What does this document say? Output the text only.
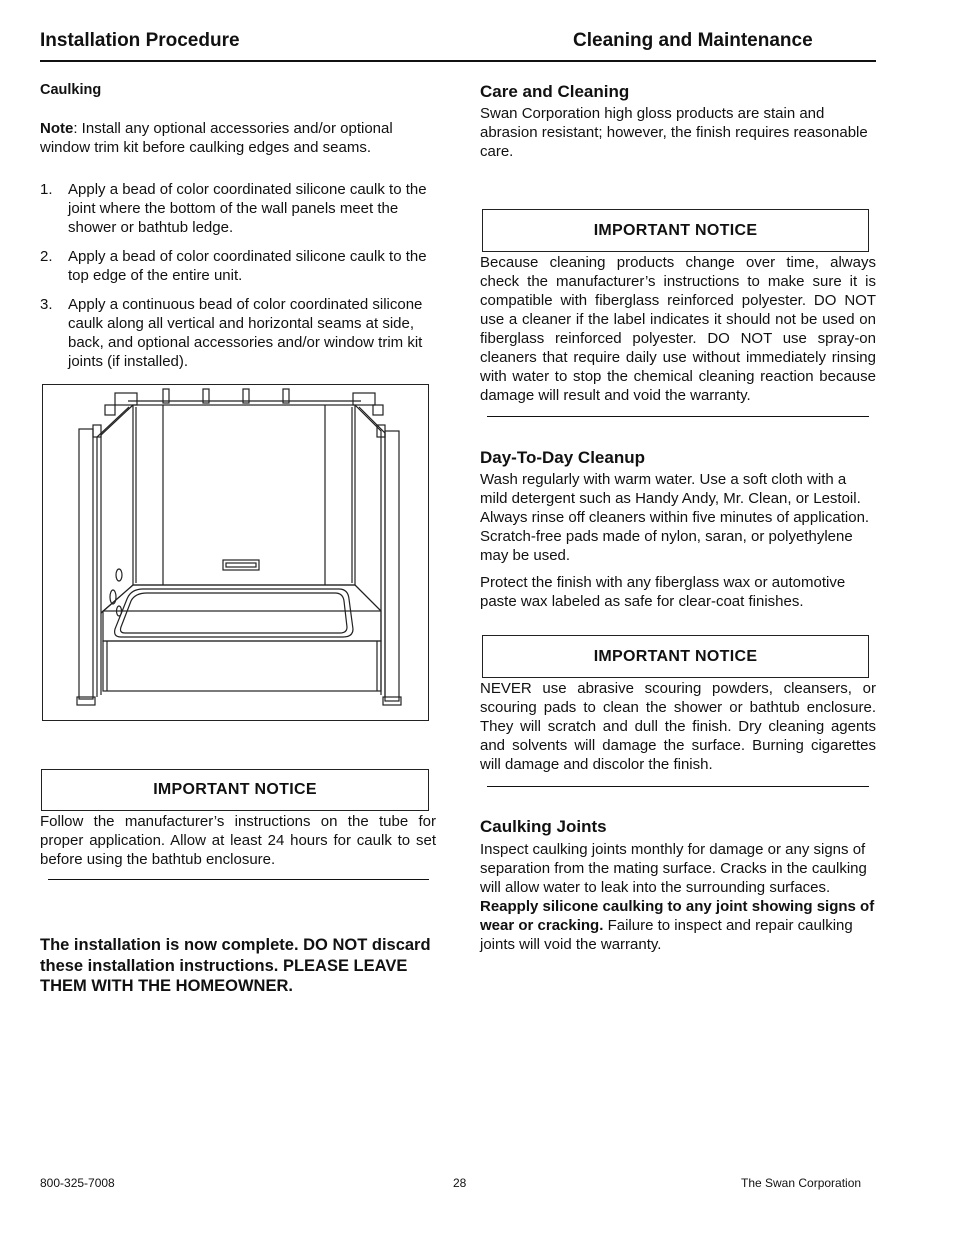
Installation Procedure	Cleaning and Maintenance
Caulking

Note: Install any optional accessories and/or optional window trim kit before caulking edges and seams.

1. Apply a bead of color coordinated silicone caulk to the joint where the bottom of the wall panels meet the shower or bathtub ledge.
2. Apply a bead of color coordinated silicone caulk to the top edge of the entire unit.
3. Apply a continuous bead of color coordinated silicone caulk along all vertical and horizontal seams at side, back, and optional accessories and/or window trim kit joints (if installed).
IMPORTANT NOTICE

Follow the manufacturer’s instructions on the tube for proper application. Allow at least 24 hours for caulk to set before using the bathtub enclosure.

The installation is now complete. DO NOT discard these installation instructions. PLEASE LEAVE THEM WITH THE HOMEOWNER.

Care and Cleaning

Swan Corporation high gloss products are stain and abrasion resistant; however, the finish requires reasonable care.

IMPORTANT NOTICE

Because cleaning products change over time, always check the manufacturer’s instructions to make sure it is compatible with fiberglass reinforced polyester. DO NOT use a cleaner if the label indicates it should not be used on fiberglass reinforced polyester. DO NOT use spray-on cleaners that require daily use without immediately rinsing with water to stop the chemical cleaning reaction because damage will result and void the warranty.

Day-To-Day Cleanup

Wash regularly with warm water. Use a soft cloth with a mild detergent such as Handy Andy, Mr. Clean, or Lestoil. Always rinse off cleaners within five minutes of application. Scratch-free pads made of nylon, saran, or polyethylene may be used.

Protect the finish with any fiberglass wax or automotive paste wax labeled as safe for clear-coat finishes.

IMPORTANT NOTICE

NEVER use abrasive scouring powders, cleansers, or scouring pads to clean the shower or bathtub enclosure. They will scratch and dull the finish. Dry cleaning agents and solvents will damage the surface. Burning cigarettes will damage and discolor the finish.

Caulking Joints

Inspect caulking joints monthly for damage or any signs of separation from the mating surface. Cracks in the caulking will allow water to leak into the surrounding surfaces. Reapply silicone caulking to any joint showing signs of wear or cracking. Failure to inspect and repair caulking joints will void the warranty.

800-325-7008	28	The Swan Corporation
